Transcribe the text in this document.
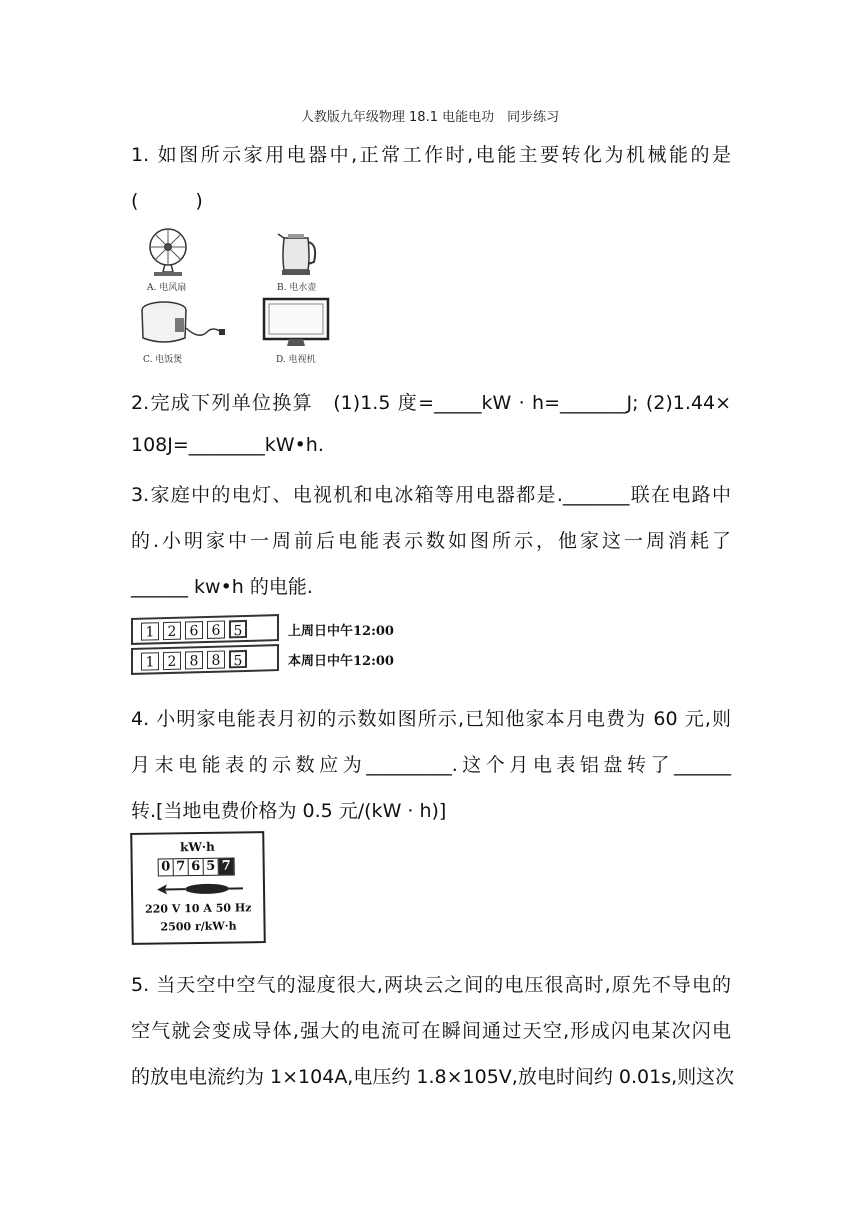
人教版九年级物理 18.1 电能电功　同步练习
1. 如图所示家用电器中,正常工作时,电能主要转化为机械能的是
(　　　)
A. 电风扇	B. 电水壶
C. 电饭煲	D. 电视机
2.完成下列单位换算　(1)1.5 度=_____kW · h=_______J; (2)1.44×
108J=________kW•h.
3.家庭中的电灯、电视机和电冰箱等用电器都是._______联在电路中
的.小明家中一周前后电能表示数如图所示，他家这一周消耗了
______ kw•h 的电能.
1 2 6 6 5	上周日中午12:00
1 2 8 8 5	本周日中午12:00
4. 小明家电能表月初的示数如图所示,已知他家本月电费为 60 元,则
月末电能表的示数应为_________.这个月电表铝盘转了______
转.[当地电费价格为 0.5 元/(kW · h)]
kW·h
0 7 6 5 7
220 V 10 A 50 Hz
2500 r/kW·h
5. 当天空中空气的湿度很大,两块云之间的电压很高时,原先不导电的
空气就会变成导体,强大的电流可在瞬间通过天空,形成闪电某次闪电
的放电电流约为 1×104A,电压约 1.8×105V,放电时间约 0.01s,则这次
